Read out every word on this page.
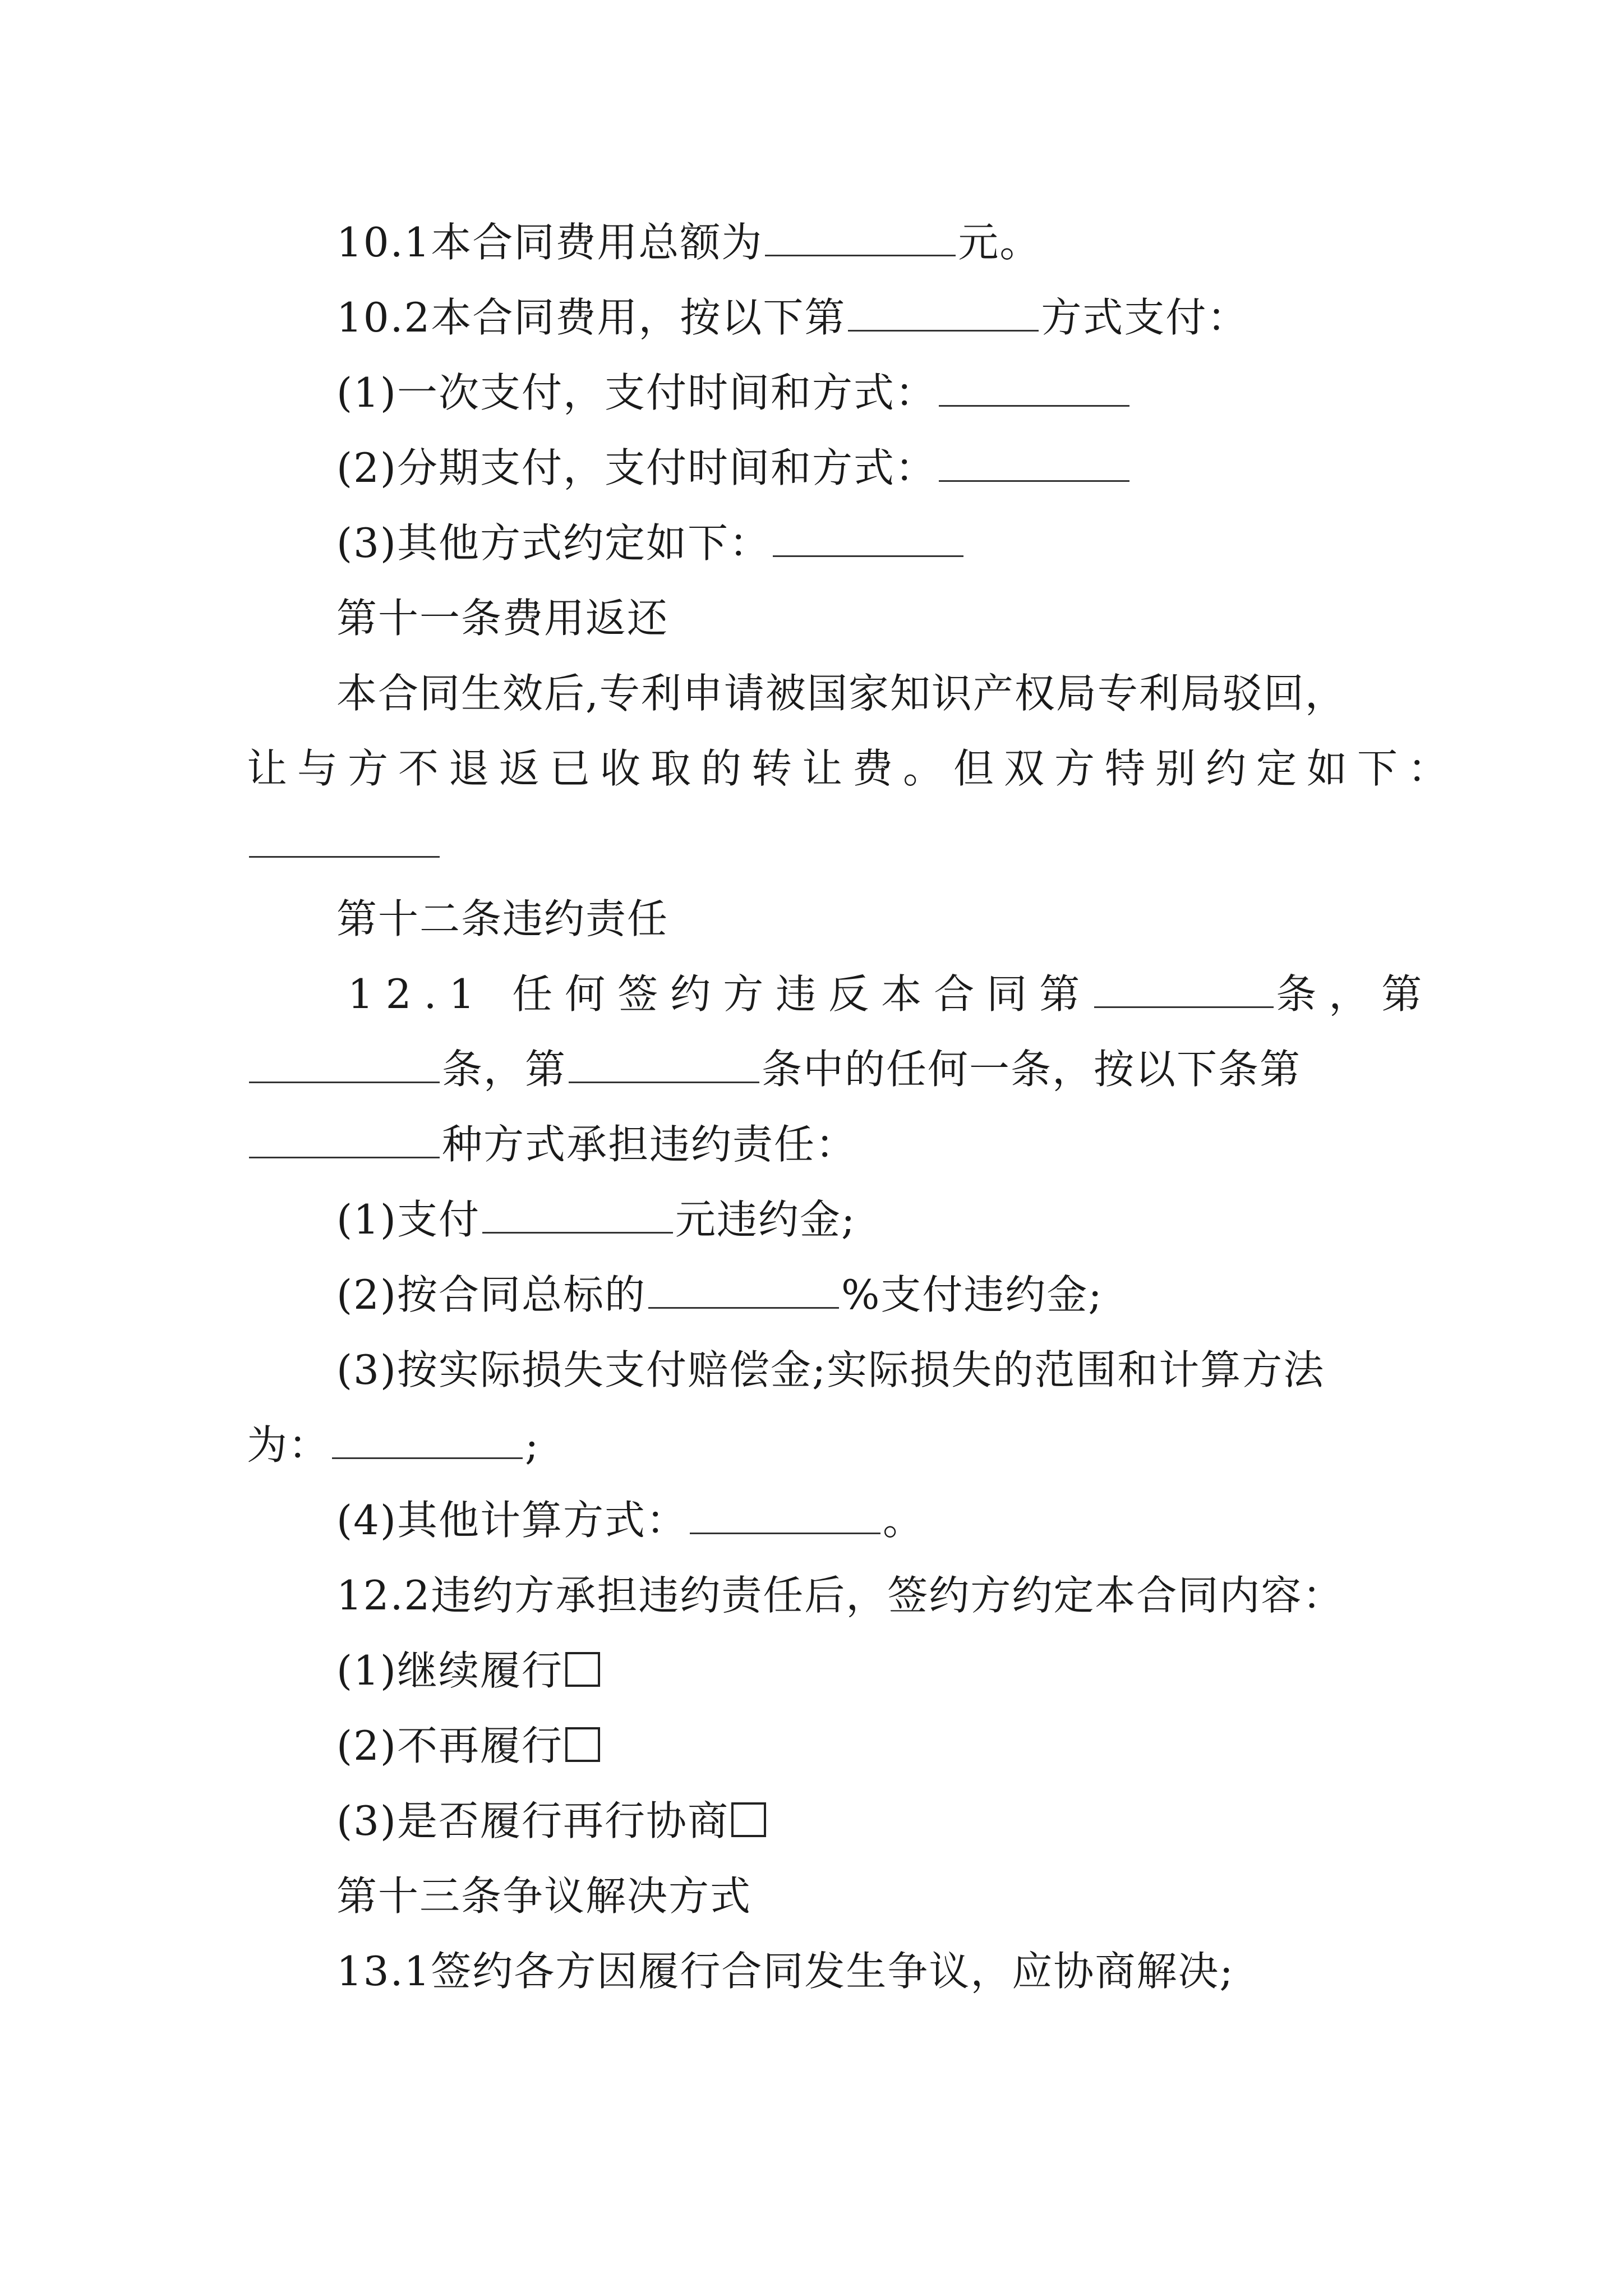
10.1本合同费用总额为	元。
10.2本合同费用，按以下第	方式支付：
(1)一次支付，支付时间和方式：
(2)分期支付，支付时间和方式：
(3)其他方式约定如下：
第十一条费用返还
本合同生效后,专利申请被国家知识产权局专利局驳回，
让与方不退返已收取的转让费。但双方特别约定如下：
第十二条违约责任
12.1 任何签约方违反本合同第	条，第
条，第	条中的任何一条，按以下条第
种方式承担违约责任：
(1)支付	元违约金;
(2)按合同总标的	%支付违约金;
(3)按实际损失支付赔偿金;实际损失的范围和计算方法
为：	;
(4)其他计算方式：	。
12.2违约方承担违约责任后，签约方约定本合同内容：
(1)继续履行
(2)不再履行
(3)是否履行再行协商
第十三条争议解决方式
13.1签约各方因履行合同发生争议，应协商解决;
